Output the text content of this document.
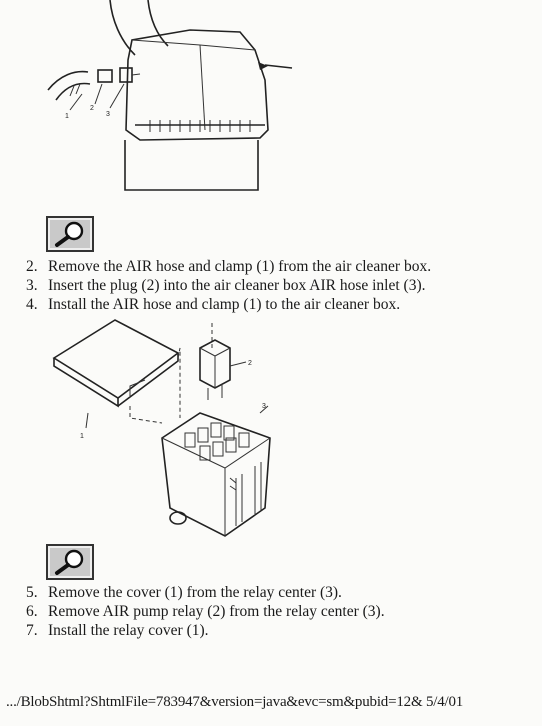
1
2
3
2. Remove the AIR hose and clamp (1) from the air cleaner box.
3. Insert the plug (2) into the air cleaner box AIR hose inlet (3).
4. Install the AIR hose and clamp (1) to the air cleaner box.
1
2
3
5. Remove the cover (1) from the relay center (3).
6. Remove AIR pump relay (2) from the relay center (3).
7. Install the relay cover (1).
.../BlobShtml?ShtmlFile=783947&version=java&evc=sm&pubid=12& 5/4/01
